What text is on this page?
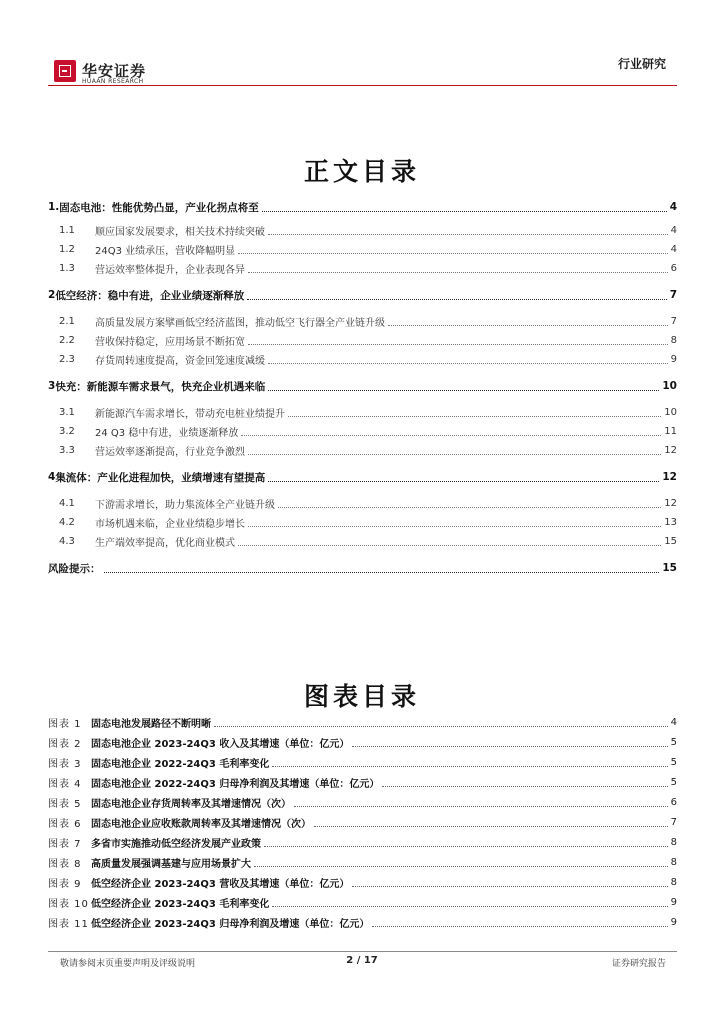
华安证券
HUAAN RESEARCH
行业研究
正文目录
1. 固态电池：性能优势凸显，产业化拐点将至	4
1.1	顺应国家发展要求，相关技术持续突破	4
1.2	24Q3 业绩承压，营收降幅明显	4
1.3	营运效率整体提升，企业表现各异	6
2 低空经济：稳中有进，企业业绩逐渐释放	7
2.1	高质量发展方案擘画低空经济蓝图，推动低空飞行器全产业链升级	7
2.2	营收保持稳定，应用场景不断拓宽	8
2.3	存货周转速度提高，资金回笼速度减缓	9
3 快充：新能源车需求景气，快充企业机遇来临	10
3.1	新能源汽车需求增长，带动充电桩业绩提升	10
3.2	24 Q3 稳中有进，业绩逐渐释放	11
3.3	营运效率逐渐提高，行业竞争激烈	12
4 集流体：产业化进程加快，业绩增速有望提高	12
4.1	下游需求增长，助力集流体全产业链升级	12
4.2	市场机遇来临，企业业绩稳步增长	13
4.3	生产端效率提高，优化商业模式	15
风险提示：	15
图表目录
图表 1 固态电池发展路径不断明晰	4
图表 2 固态电池企业 2023-24Q3 收入及其增速（单位：亿元）	5
图表 3 固态电池企业 2022-24Q3 毛利率变化	5
图表 4 固态电池企业 2022-24Q3 归母净利润及其增速（单位：亿元）	5
图表 5 固态电池企业存货周转率及其增速情况（次）	6
图表 6 固态电池企业应收账款周转率及其增速情况（次）	7
图表 7 多省市实施推动低空经济发展产业政策	8
图表 8 高质量发展强调基建与应用场景扩大	8
图表 9 低空经济企业 2023-24Q3 营收及其增速（单位：亿元）	8
图表 10 低空经济企业 2023-24Q3 毛利率变化	9
图表 11 低空经济企业 2023-24Q3 归母净利润及增速（单位：亿元）	9
敬请参阅末页重要声明及评级说明	2 / 17	证券研究报告
